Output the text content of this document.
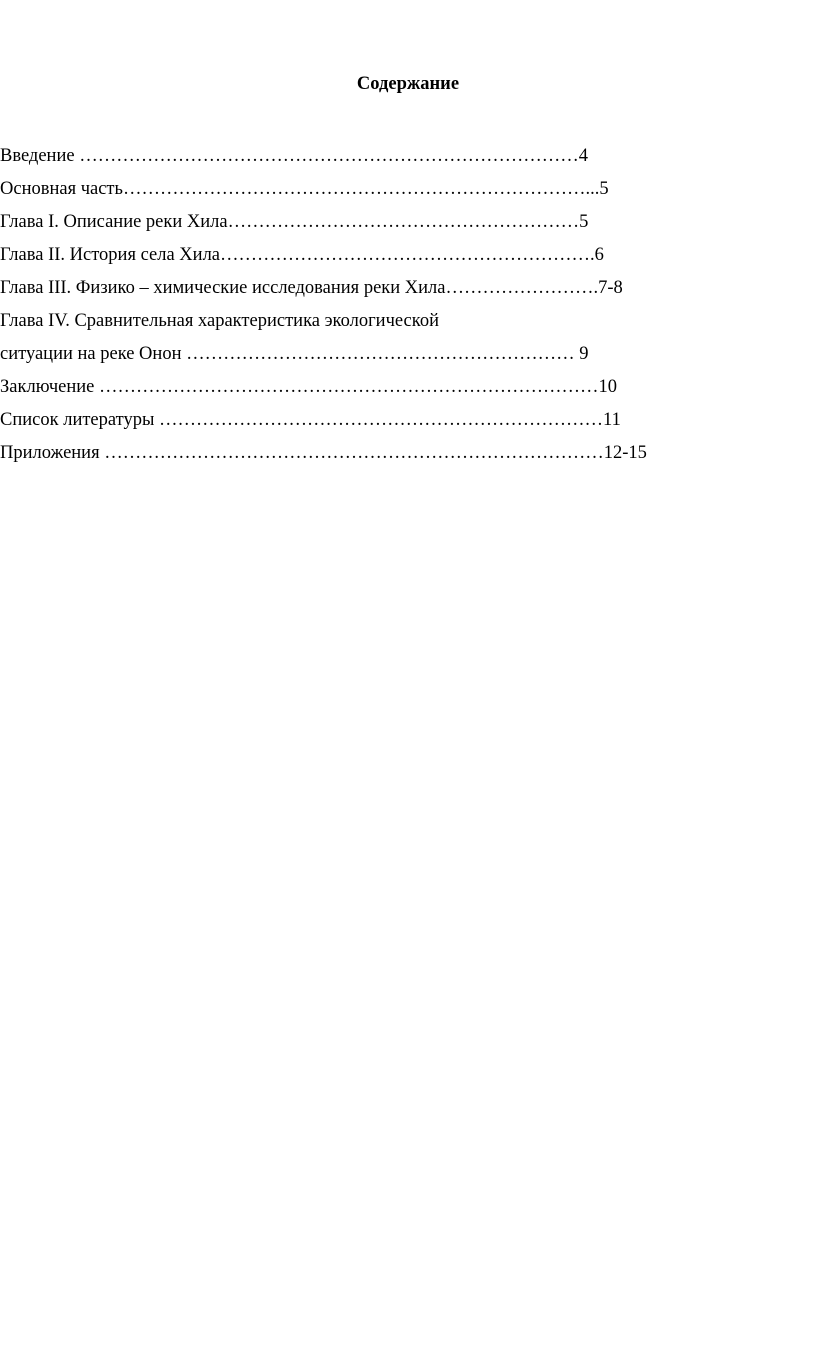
Содержание
Введение ………………………………………………………………………4
Основная часть…………………………………………………………………...5
Глава I. Описание реки Хила…………………………………………………5
Глава II. История села Хила…………………………………………………….6
Глава III. Физико – химические исследования реки Хила…………………….7-8
Глава IV. Сравнительная характеристика экологической
ситуации на реке Онон ……………………………………………………… 9
Заключение ………………………………………………………………………10
Список литературы ………………………………………………………………11
Приложения ………………………………………………………………………12-15
